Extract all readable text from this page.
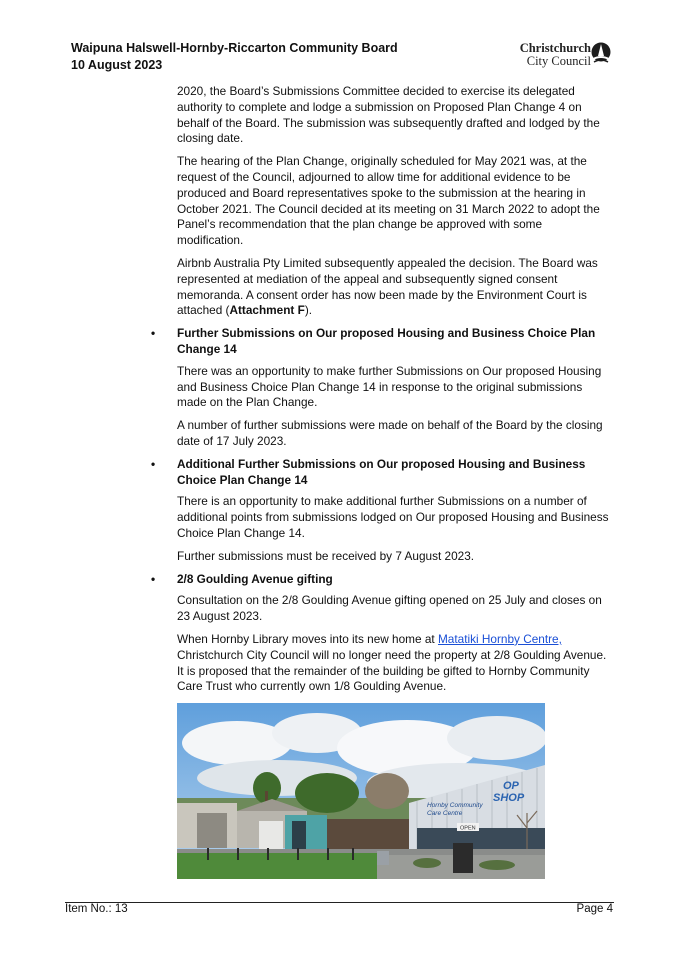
Waipuna Halswell-Hornby-Riccarton Community Board
10 August 2023
Christchurch
City Council

2020, the Board’s Submissions Committee decided to exercise its delegated authority to complete and lodge a submission on Proposed Plan Change 4 on behalf of the Board. The submission was subsequently drafted and lodged by the closing date.

The hearing of the Plan Change, originally scheduled for May 2021 was, at the request of the Council, adjourned to allow time for additional evidence to be produced and Board representatives spoke to the submission at the hearing in October 2021. The Council decided at its meeting on 31 March 2022 to adopt the Panel’s recommendation that the plan change be approved with some modification.

Airbnb Australia Pty Limited subsequently appealed the decision. The Board was represented at mediation of the appeal and subsequently signed consent memoranda. A consent order has now been made by the Environment Court is attached (Attachment F).

• Further Submissions on Our proposed Housing and Business Choice Plan Change 14

There was an opportunity to make further Submissions on Our proposed Housing and Business Choice Plan Change 14 in response to the original submissions made on the Plan Change.

A number of further submissions were made on behalf of the Board by the closing date of 17 July 2023.

• Additional Further Submissions on Our proposed Housing and Business Choice Plan Change 14

There is an opportunity to make additional further Submissions on a number of additional points from submissions lodged on Our proposed Housing and Business Choice Plan Change 14.

Further submissions must be received by 7 August 2023.

• 2/8 Goulding Avenue gifting

Consultation on the 2/8 Goulding Avenue gifting opened on 25 July and closes on 23 August 2023.

When Hornby Library moves into its new home at Matatiki Hornby Centre, Christchurch City Council will no longer need the property at 2/8 Goulding Avenue. It is proposed that the remainder of the building be gifted to Hornby Community Care Trust who currently own 1/8 Goulding Avenue.

Hornby Community
Care Centre
OP
SHOP
OPEN
Item No.: 13	Page 4
